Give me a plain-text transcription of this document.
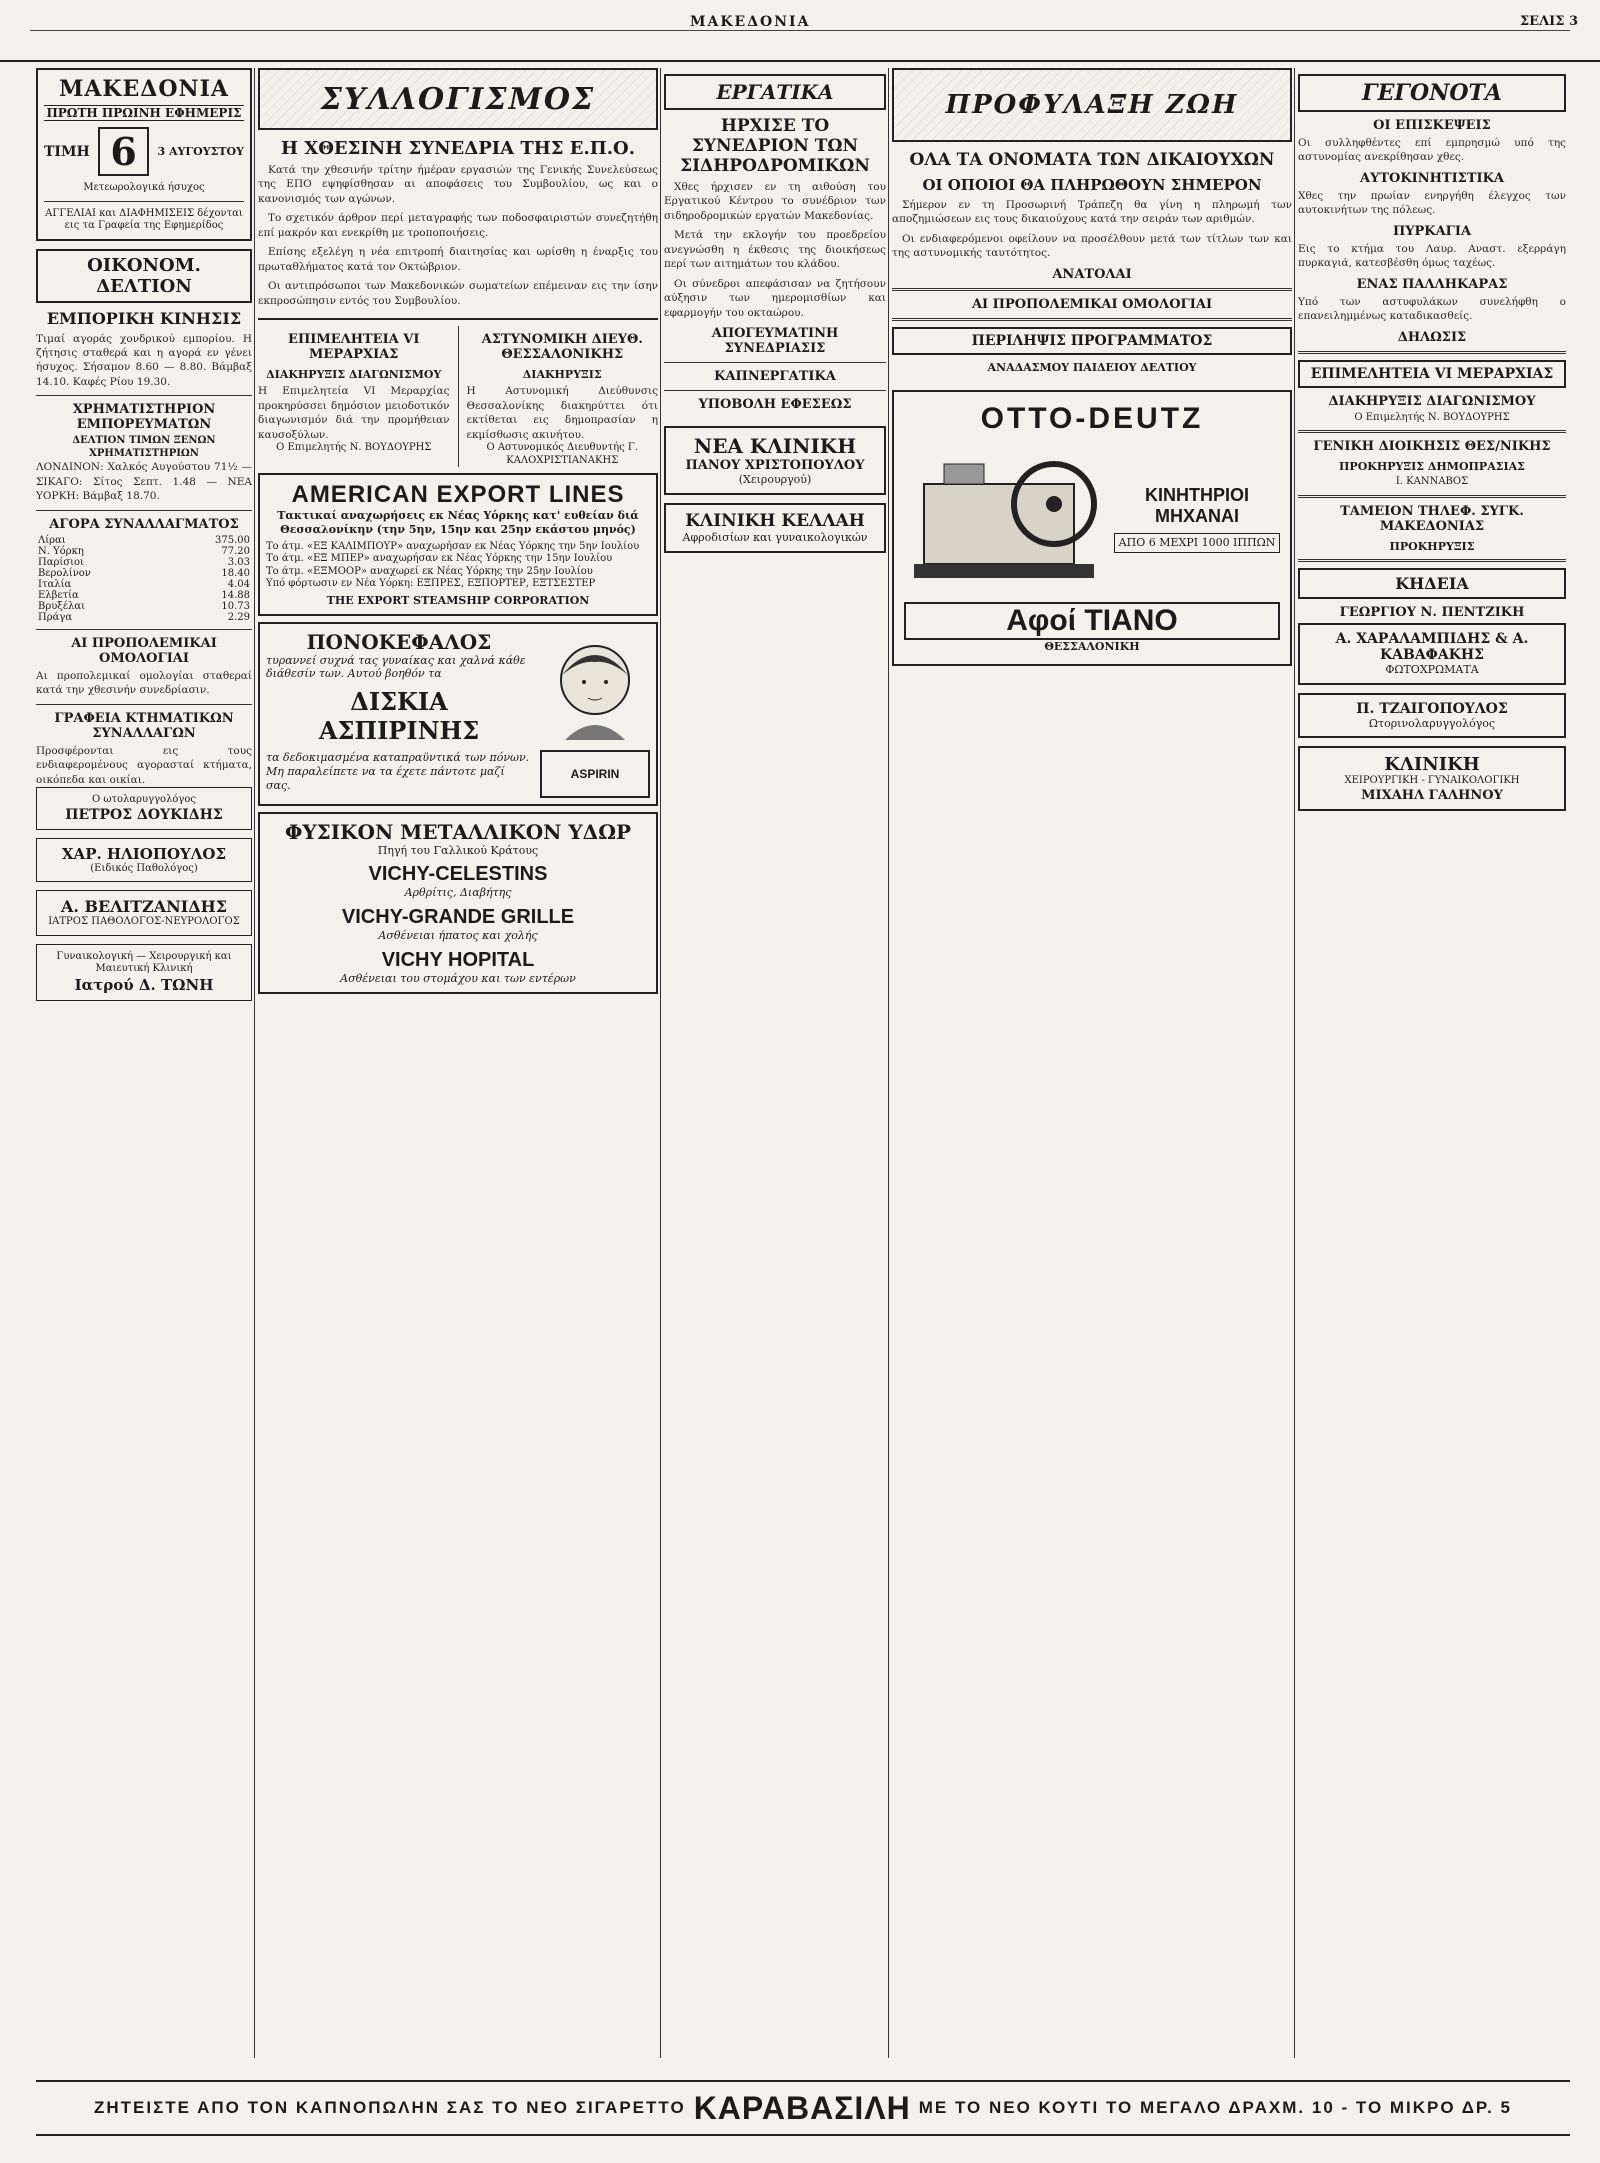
ΜΑΚΕΔΟΝΙΑ	ΣΕΛΙΣ 3
ΜΑΚΕΔΟΝΙΑ
ΠΡΩΤΗ ΠΡΩΙΝΗ ΕΦΗΜΕΡΙΣ
ΤΙΜΗ 6	3 ΑΥΓΟΥΣΤΟΥ
Μετεωρολογικά ήσυχος
ΑΓΓΕΛΙΑΙ και ΔΙΑΦΗΜΙΣΕΙΣ δέχονται εις τα Γραφεία της Εφημερίδος
ΟΙΚΟΝΟΜ. ΔΕΛΤΙΟΝ
ΕΜΠΟΡΙΚΗ ΚΙΝΗΣΙΣ
Τιμαί αγοράς χονδρικού εμπορίου. Η ζήτησις σταθερά και η αγορά εν γένει ήσυχος. Σήσαμον 8.60 — 8.80. Βάμβαξ 14.10. Καφές Ρίου 19.30.
ΧΡΗΜΑΤΙΣΤΗΡΙΟΝ ΕΜΠΟΡΕΥΜΑΤΩΝ
ΔΕΛΤΙΟΝ ΤΙΜΩΝ ΞΕΝΩΝ ΧΡΗΜΑΤΙΣΤΗΡΙΩΝ
ΛΟΝΔΙΝΟΝ: Χαλκός Αυγούστου 71½ — ΣΙΚΑΓΟ: Σίτος Σεπτ. 1.48 — ΝΕΑ ΥΟΡΚΗ: Βάμβαξ 18.70.
ΑΓΟΡΑ ΣΥΝΑΛΛΑΓΜΑΤΟΣ
Λίραι	375.00
Ν. Υόρκη	77.20
Παρίσιοι	3.03
Βερολίνον	18.40
Ιταλία	4.04
Ελβετία	14.88
Βρυξέλαι	10.73
Πράγα	2.29
ΑΙ ΠΡΟΠΟΛΕΜΙΚΑΙ ΟΜΟΛΟΓΙΑΙ
Αι προπολεμικαί ομολογίαι σταθεραί κατά την χθεσινήν συνεδρίασιν.
ΓΡΑΦΕΙΑ ΚΤΗΜΑΤΙΚΩΝ ΣΥΝΑΛΛΑΓΩΝ
Προσφέρονται εις τους ενδιαφερομένους αγορασταί κτήματα, οικόπεδα και οικίαι.
Ο ωτολαρυγγολόγος
ΠΕΤΡΟΣ ΔΟΥΚΙΔΗΣ
ΧΑΡ. ΗΛΙΟΠΟΥΛΟΣ
(Ειδικός Παθολόγος)
Α. ΒΕΛΙΤΖΑΝΙΔΗΣ
ΙΑΤΡΟΣ ΠΑΘΟΛΟΓΟΣ-ΝΕΥΡΟΛΟΓΟΣ
Γυναικολογική — Χειρουργική και Μαιευτική Κλινική
Ιατρού Δ. ΤΩΝΗ
ΣΥΛΛΟΓΙΣΜΟΣ
Η ΧΘΕΣΙΝΗ ΣΥΝΕΔΡΙΑ ΤΗΣ Ε.Π.Ο.

Κατά την χθεσινήν τρίτην ήμέραν εργασιών της Γενικής Συνελεύσεως της ΕΠΟ εψηφίσθησαν αι αποφάσεις του Συμβουλίου, ως και ο κανονισμός των αγώνων.

Το σχετικόν άρθρον περί μεταγραφής των ποδοσφαιριστών συνεζητήθη επί μακρόν και ενεκρίθη με τροποποιήσεις.

Επίσης εξελέγη η νέα επιτροπή διαιτησίας και ωρίσθη η έναρξις του πρωταθλήματος κατά τον Οκτώβριον.

Οι αντιπρόσωποι των Μακεδονικών σωματείων επέμειναν εις την ίσην εκπροσώπησιν εντός του Συμβουλίου.

ΕΠΙΜΕΛΗΤΕΙΑ VI ΜΕΡΑΡΧΙΑΣ
ΔΙΑΚΗΡΥΞΙΣ ΔΙΑΓΩΝΙΣΜΟΥ
Η Επιμελητεία VI Μεραρχίας προκηρύσσει δημόσιον μειοδοτικόν διαγωνισμόν διά την προμήθειαν καυσοξύλων.
Ο Επιμελητής Ν. ΒΟΥΔΟΥΡΗΣ
ΑΣΤΥΝΟΜΙΚΗ ΔΙΕΥΘ. ΘΕΣΣΑΛΟΝΙΚΗΣ
ΔΙΑΚΗΡΥΞΙΣ
Η Αστυνομική Διεύθυνσις Θεσσαλονίκης διακηρύττει ότι εκτίθεται εις δημοπρασίαν η εκμίσθωσις ακινήτου.
Ο Αστυνομικός Διευθυντής Γ. ΚΑΛΟΧΡΙΣΤΙΑΝΑΚΗΣ
AMERICAN EXPORT LINES
Τακτικαί αναχωρήσεις εκ Νέας Υόρκης κατ' ευθείαν διά Θεσσαλονίκην (την 5ην, 15ην και 25ην εκάστου μηνός)
Το άτμ. «ΕΞ ΚΑΛΙΜΠΟΥΡ» αναχωρήσαν εκ Νέας Υόρκης την 5ην Ιουλίου
Το άτμ. «ΕΞ ΜΠΕΡ» αναχωρήσαν εκ Νέας Υόρκης την 15ην Ιουλίου
Το άτμ. «ΕΞΜΟΟΡ» αναχωρεί εκ Νέας Υόρκης την 25ην Ιουλίου
Υπό φόρτωσιν εν Νέα Υόρκη: ΕΞΠΡΕΣ, ΕΞΠΟΡΤΕΡ, ΕΞΤΣΕΣΤΕΡ
THE EXPORT STEAMSHIP CORPORATION
ΠΟΝΟΚΕΦΑΛΟΣ
τυραννεί συχνά τας γυναίκας και χαλνά κάθε διάθεσίν των. Αυτού βοηθόν τα
ΔΙΣΚΙΑ ΑΣΠΙΡΙΝΗΣ
τα δεδοκιμασμένα καταπραϋντικά των πόνων. Μη παραλείπετε να τα έχετε πάντοτε μαζί σας.
ASPIRIN
ΦΥΣΙΚΟΝ ΜΕΤΑΛΛΙΚΟΝ ΥΔΩΡ
Πηγή του Γαλλικού Κράτους
VICHY-CELESTINS
Αρθρίτις, Διαβήτης
VICHY-GRANDE GRILLE
Ασθένειαι ήπατος και χολής
VICHY HOPITAL
Ασθένειαι του στομάχου και των εντέρων
ΕΡΓΑΤΙΚΑ
ΗΡΧΙΣΕ ΤΟ ΣΥΝΕΔΡΙΟΝ ΤΩΝ ΣΙΔΗΡΟΔΡΟΜΙΚΩΝ

Χθες ήρχισεν εν τη αιθούση του Εργατικού Κέντρου το συνέδριον των σιδηροδρομικών εργατών Μακεδονίας.

Μετά την εκλογήν του προεδρείου ανεγνώσθη η έκθεσις της διοικήσεως περί των αιτημάτων του κλάδου.

Οι σύνεδροι απεφάσισαν να ζητήσουν αύξησιν των ημερομισθίων και εφαρμογήν του οκταώρου.

ΑΠΟΓΕΥΜΑΤΙΝΗ ΣΥΝΕΔΡΙΑΣΙΣ
ΚΑΠΝΕΡΓΑΤΙΚΑ
ΥΠΟΒΟΛΗ ΕΦΕΣΕΩΣ
ΝΕΑ ΚΛΙΝΙΚΗ
ΠΑΝΟΥ ΧΡΙΣΤΟΠΟΥΛΟΥ
(Χειρουργού)
ΚΛΙΝΙΚΗ ΚΕΛΛΑΗ
Αφροδισίων και γυναικολογικών
ΠΡΟΦΥΛΑΞΗ ΖΩΗ
ΟΛΑ ΤΑ ΟΝΟΜΑΤΑ ΤΩΝ ΔΙΚΑΙΟΥΧΩΝ
ΟΙ ΟΠΟΙΟΙ ΘΑ ΠΛΗΡΩΘΟΥΝ ΣΗΜΕΡΟΝ

Σήμερον εν τη Προσωρινή Τράπεζη θα γίνη η πληρωμή των αποζημιώσεων εις τους δικαιούχους κατά την σειράν των αριθμών.

Οι ενδιαφερόμενοι οφείλουν να προσέλθουν μετά των τίτλων των και της αστυνομικής ταυτότητος.

ΑΝΑΤΟΛΑΙ
ΑΙ ΠΡΟΠΟΛΕΜΙΚΑΙ ΟΜΟΛΟΓΙΑΙ
ΠΕΡΙΛΗΨΙΣ ΠΡΟΓΡΑΜΜΑΤΟΣ
ΑΝΑΔΑΣΜΟΥ ΠΑΙΔΕΙΟΥ ΔΕΛΤΙΟΥ
OTTO-DEUTZ
ΚΙΝΗΤΗΡΙΟΙ ΜΗΧΑΝΑΙ
ΑΠΟ 6 ΜΕΧΡΙ 1000 ΙΠΠΩΝ
Αφοί ΤΙΑΝΟ
ΘΕΣΣΑΛΟΝΙΚΗ
ΓΕΓΟΝΟΤΑ
ΟΙ ΕΠΙΣΚΕΨΕΙΣ
Οι συλληφθέντες επί εμπρησμώ υπό της αστυνομίας ανεκρίθησαν χθες.
ΑΥΤΟΚΙΝΗΤΙΣΤΙΚΑ
Χθες την πρωίαν ενηργήθη έλεγχος των αυτοκινήτων της πόλεως.
ΠΥΡΚΑΓΙΑ
Εις το κτήμα του Λαυρ. Αναστ. εξερράγη πυρκαγιά, κατεσβέσθη όμως ταχέως.
ΕΝΑΣ ΠΑΛΛΗΚΑΡΑΣ
Υπό των αστυφυλάκων συνελήφθη ο επανειλημμένως καταδικασθείς.
ΔΗΛΩΣΙΣ
ΕΠΙΜΕΛΗΤΕΙΑ VI ΜΕΡΑΡΧΙΑΣ
ΔΙΑΚΗΡΥΞΙΣ ΔΙΑΓΩΝΙΣΜΟΥ
Ο Επιμελητής Ν. ΒΟΥΔΟΥΡΗΣ
ΓΕΝΙΚΗ ΔΙΟΙΚΗΣΙΣ ΘΕΣ/ΝΙΚΗΣ
ΠΡΟΚΗΡΥΞΙΣ ΔΗΜΟΠΡΑΣΙΑΣ
Ι. ΚΑΝΝΑΒΟΣ
ΤΑΜΕΙΟΝ ΤΗΛΕΦ. ΣΥΓΚ. ΜΑΚΕΔΟΝΙΑΣ
ΠΡΟΚΗΡΥΞΙΣ
ΚΗΔΕΙΑ
ΓΕΩΡΓΙΟΥ Ν. ΠΕΝΤΖΙΚΗ
Α. ΧΑΡΑΛΑΜΠΙΔΗΣ & Α. ΚΑΒΑΦΑΚΗΣ
ΦΩΤΟΧΡΩΜΑΤΑ
Π. ΤΖΑΙΓΟΠΟΥΛΟΣ
Ωτορινολαρυγγολόγος
ΚΛΙΝΙΚΗ
ΧΕΙΡΟΥΡΓΙΚΗ - ΓΥΝΑΙΚΟΛΟΓΙΚΗ
ΜΙΧΑΗΛ ΓΑΛΗΝΟΥ
ΖΗΤΕΙΣΤΕ ΑΠΟ ΤΟΝ ΚΑΠΝΟΠΩΛΗΝ ΣΑΣ ΤΟ ΝΕΟ ΣΙΓΑΡΕΤΤΟ ΚΑΡΑΒΑΣΙΛΗ ΜΕ ΤΟ ΝΕΟ ΚΟΥΤΙ ΤΟ ΜΕΓΑΛΟ ΔΡΑΧΜ. 10 - ΤΟ ΜΙΚΡΟ ΔΡ. 5
